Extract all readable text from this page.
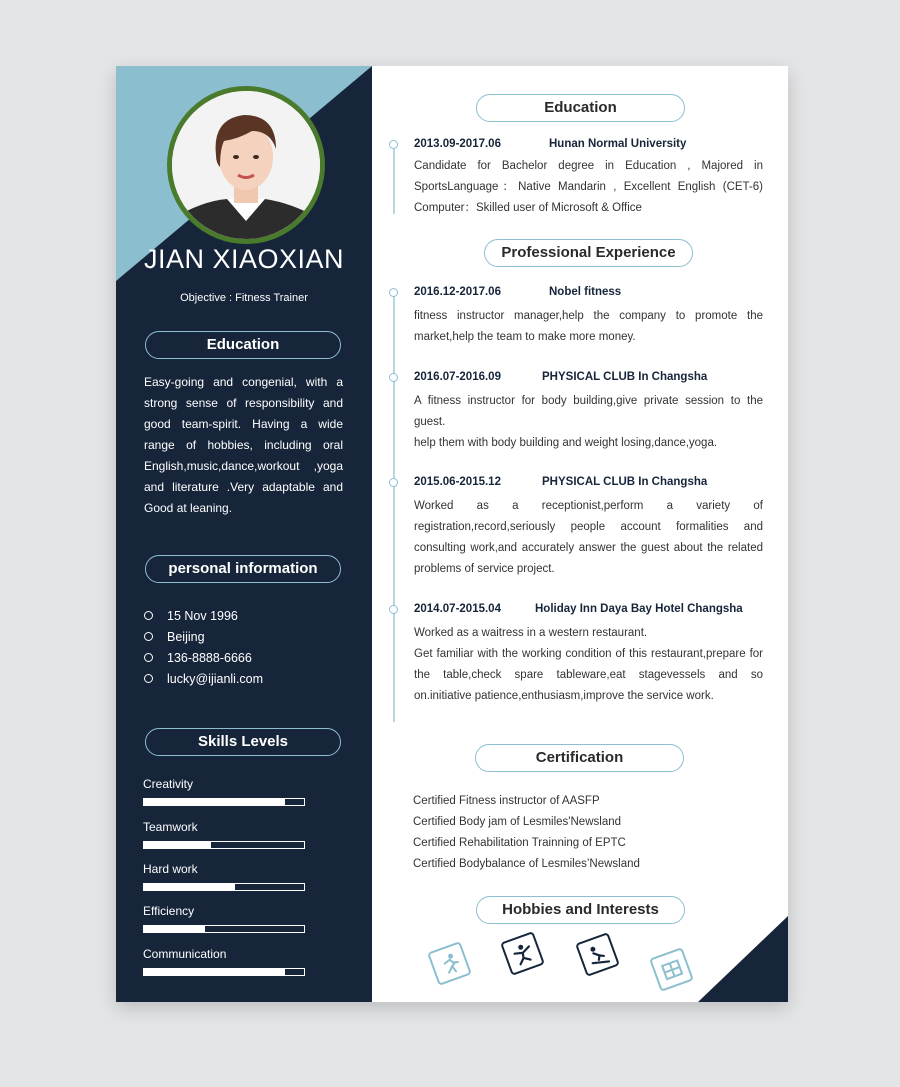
JIAN XIAOXIAN
Objective : Fitness Trainer
Education
Easy-going and congenial, with a strong sense of responsibility and good team-spirit. Having a wide range of hobbies, including oral English,music,dance,workout ,yoga and literature .Very adaptable and Good at leaning.
personal information
15 Nov 1996
Beijing
136-8888-6666
lucky@ijianli.com
Skills Levels
Creativity
Teamwork
Hard work
Efficiency
Communication
Education
2013.09-2017.06	Hunan Normal University
Candidate for Bachelor degree in Education , Majored in SportsLanguage：Native Mandarin , Excellent English (CET-6) Computer：Skilled user of Microsoft & Office
Professional Experience
2016.12-2017.06	Nobel fitness
fitness instructor manager,help the company to promote the market,help the team to make more money.
2016.07-2016.09	PHYSICAL CLUB In Changsha
A fitness instructor for body building,give private session to the guest.
help them with body building and weight losing,dance,yoga.
2015.06-2015.12	PHYSICAL CLUB In Changsha
Worked as a receptionist,perform a variety of registration,record,seriously people account formalities and consulting work,and accurately answer the guest about the related problems of service project.
2014.07-2015.04	Holiday Inn Daya Bay Hotel Changsha
Worked as a waitress in a western restaurant.
Get familiar with the working condition of this restaurant,prepare for the table,check spare tableware,eat stagevessels and so on.initiative patience,enthusiasm,improve the service work.
Certification
Certified Fitness instructor of AASFP
Certified Body jam of Lesmiles'Newsland
Certified Rehabilitation Trainning of EPTC
Certified Bodybalance of Lesmiles’Newsland
Hobbies and Interests
